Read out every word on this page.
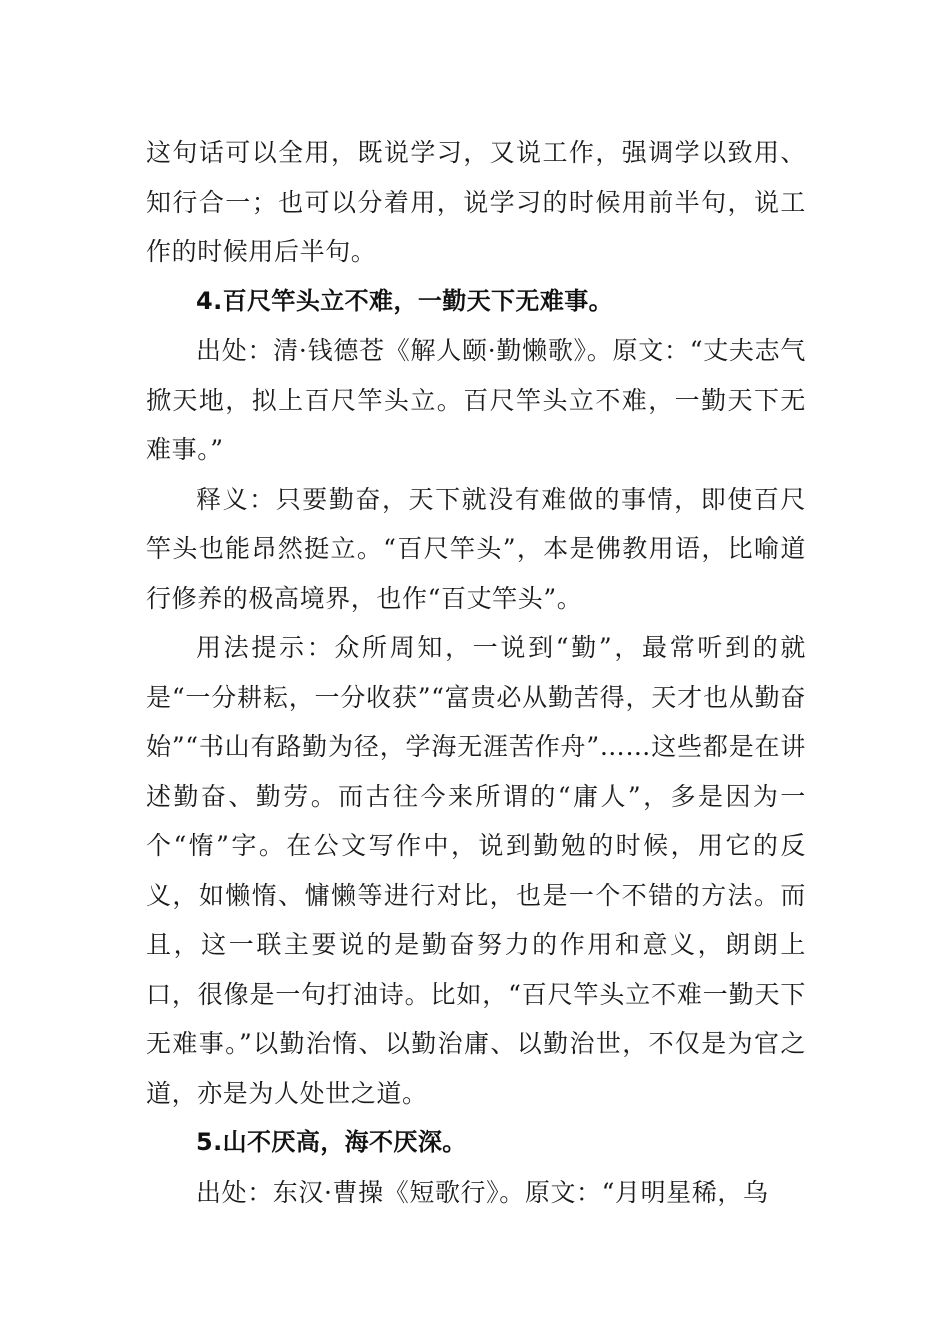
这句话可以全用，既说学习，又说工作，强调学以致用、知行合一；也可以分着用，说学习的时候用前半句，说工作的时候用后半句。

4.百尺竿头立不难，一勤天下无难事。

出处：清·钱德苍《解人颐·勤懒歌》。原文：“丈夫志气掀天地，拟上百尺竿头立。百尺竿头立不难，一勤天下无难事。”

释义：只要勤奋，天下就没有难做的事情，即使百尺竿头也能昂然挺立。“百尺竿头”，本是佛教用语，比喻道行修养的极高境界，也作“百丈竿头”。

用法提示：众所周知，一说到“勤”，最常听到的就是“一分耕耘，一分收获”“富贵必从勤苦得，天才也从勤奋始”“书山有路勤为径，学海无涯苦作舟”……这些都是在讲述勤奋、勤劳。而古往今来所谓的“庸人”，多是因为一个“惰”字。在公文写作中，说到勤勉的时候，用它的反义，如懒惰、慵懒等进行对比，也是一个不错的方法。而且，这一联主要说的是勤奋努力的作用和意义，朗朗上口，很像是一句打油诗。比如，“百尺竿头立不难一勤天下无难事。”以勤治惰、以勤治庸、以勤治世，不仅是为官之道，亦是为人处世之道。

5.山不厌高，海不厌深。

出处：东汉·曹操《短歌行》。原文：“月明星稀，乌
